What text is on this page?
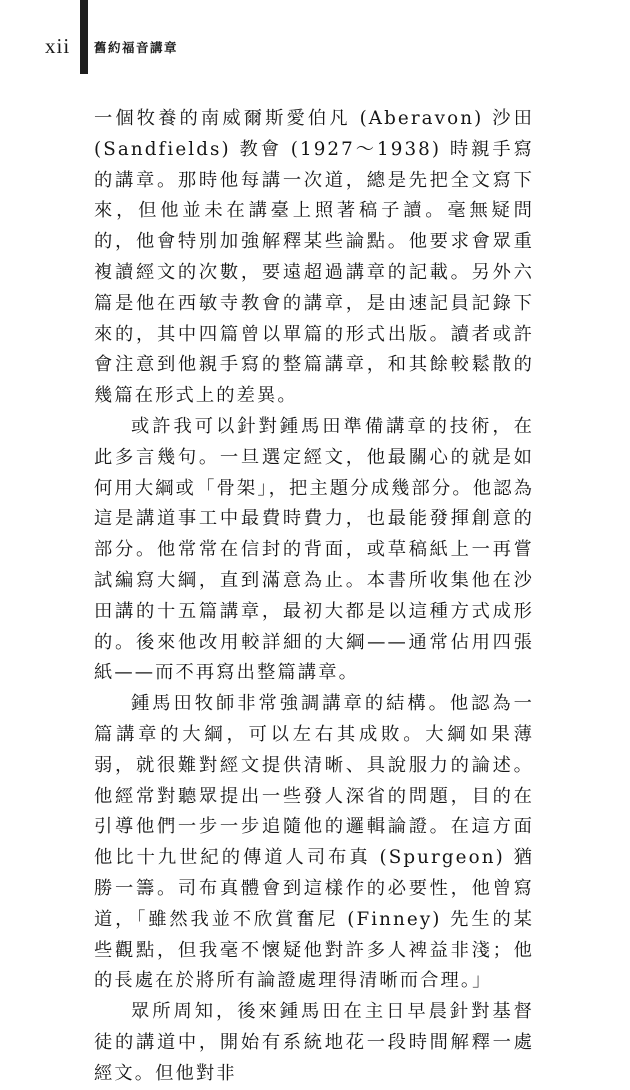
xii 舊約福音講章

一個牧養的南威爾斯愛伯凡 (Aberavon) 沙田 (Sandfields) 教會 (1927～1938) 時親手寫的講章。那時他每講一次道，總是先把全文寫下來，但他並未在講臺上照著稿子讀。毫無疑問的，他會特別加強解釋某些論點。他要求會眾重複讀經文的次數，要遠超過講章的記載。另外六篇是他在西敏寺教會的講章，是由速記員記錄下來的，其中四篇曾以單篇的形式出版。讀者或許會注意到他親手寫的整篇講章，和其餘較鬆散的幾篇在形式上的差異。

或許我可以針對鍾馬田準備講章的技術，在此多言幾句。一旦選定經文，他最關心的就是如何用大綱或「骨架」，把主題分成幾部分。他認為這是講道事工中最費時費力，也最能發揮創意的部分。他常常在信封的背面，或草稿紙上一再嘗試編寫大綱，直到滿意為止。本書所收集他在沙田講的十五篇講章，最初大都是以這種方式成形的。後來他改用較詳細的大綱——通常佔用四張紙——而不再寫出整篇講章。

鍾馬田牧師非常強調講章的結構。他認為一篇講章的大綱，可以左右其成敗。大綱如果薄弱，就很難對經文提供清晰、具說服力的論述。他經常對聽眾提出一些發人深省的問題，目的在引導他們一步一步追隨他的邏輯論證。在這方面他比十九世紀的傳道人司布真 (Spurgeon) 猶勝一籌。司布真體會到這樣作的必要性，他曾寫道，「雖然我並不欣賞奮尼 (Finney) 先生的某些觀點，但我毫不懷疑他對許多人裨益非淺；他的長處在於將所有論證處理得清晰而合理。」

眾所周知，後來鍾馬田在主日早晨針對基督徒的講道中，開始有系統地花一段時間解釋一處經文。但他對非
